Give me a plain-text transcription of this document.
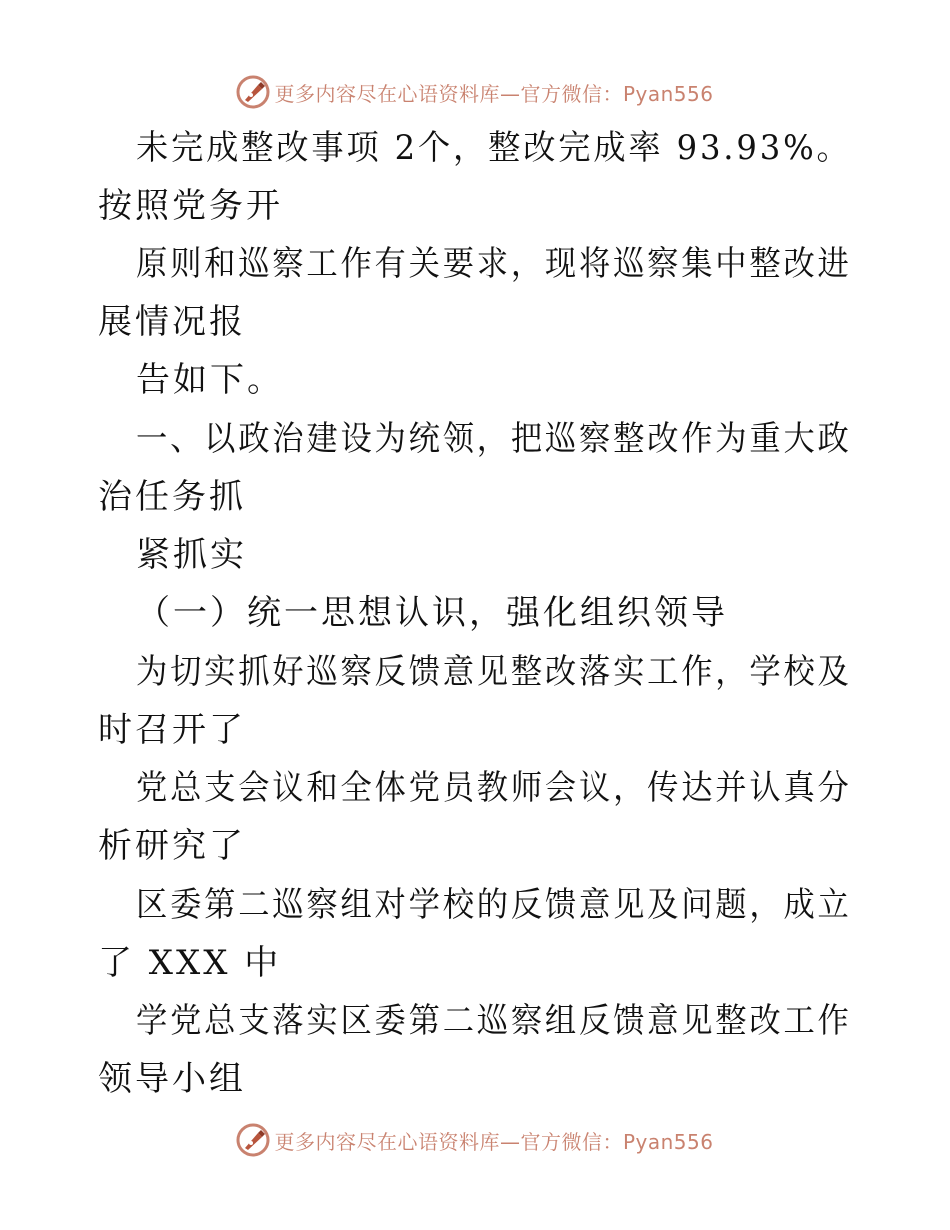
更多内容尽在心语资料库—官方微信：Pyan556
未完成整改事项 2个，整改完成率 93.93%。
按照党务开
原则和巡察工作有关要求，现将巡察集中整改进
展情况报
告如下。
一、以政治建设为统领，把巡察整改作为重大政
治任务抓
紧抓实
（一）统一思想认识，强化组织领导
为切实抓好巡察反馈意见整改落实工作，学校及
时召开了
党总支会议和全体党员教师会议，传达并认真分
析研究了
区委第二巡察组对学校的反馈意见及问题，成立
了 XXX 中
学党总支落实区委第二巡察组反馈意见整改工作
领导小组
更多内容尽在心语资料库—官方微信：Pyan556
